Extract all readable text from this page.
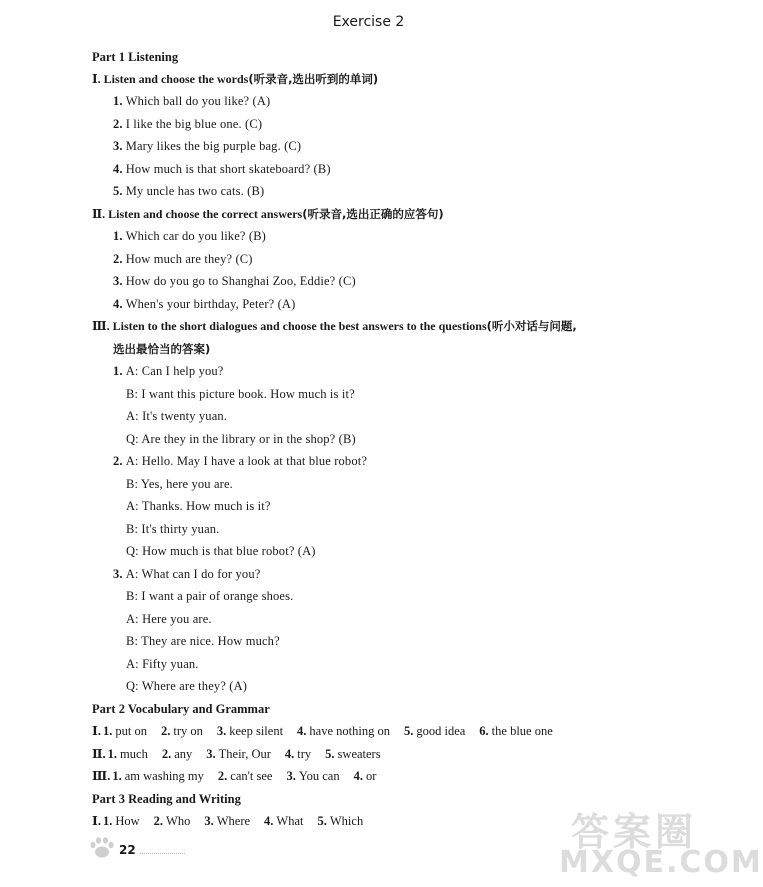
Exercise 2
Part 1 Listening
Ⅰ. Listen and choose the words(听录音,选出听到的单词)
1. Which ball do you like? (A)
2. I like the big blue one. (C)
3. Mary likes the big purple bag. (C)
4. How much is that short skateboard? (B)
5. My uncle has two cats. (B)
Ⅱ. Listen and choose the correct answers(听录音,选出正确的应答句)
1. Which car do you like? (B)
2. How much are they? (C)
3. How do you go to Shanghai Zoo, Eddie? (C)
4. When's your birthday, Peter? (A)
Ⅲ. Listen to the short dialogues and choose the best answers to the questions(听小对话与问题,
选出最恰当的答案)
1. A: Can I help you?
B: I want this picture book. How much is it?
A: It's twenty yuan.
Q: Are they in the library or in the shop? (B)
2. A: Hello. May I have a look at that blue robot?
B: Yes, here you are.
A: Thanks. How much is it?
B: It's thirty yuan.
Q: How much is that blue robot? (A)
3. A: What can I do for you?
B: I want a pair of orange shoes.
A: Here you are.
B: They are nice. How much?
A: Fifty yuan.
Q: Where are they? (A)
Part 2 Vocabulary and Grammar
Ⅰ. 1. put on 2. try on 3. keep silent 4. have nothing on 5. good idea 6. the blue one
Ⅱ. 1. much 2. any 3. Their, Our 4. try 5. sweaters
Ⅲ. 1. am washing my 2. can't see 3. You can 4. or
Part 3 Reading and Writing
Ⅰ. 1. How 2. Who 3. Where 4. What 5. Which
22	答案圈
MXQE.COM
